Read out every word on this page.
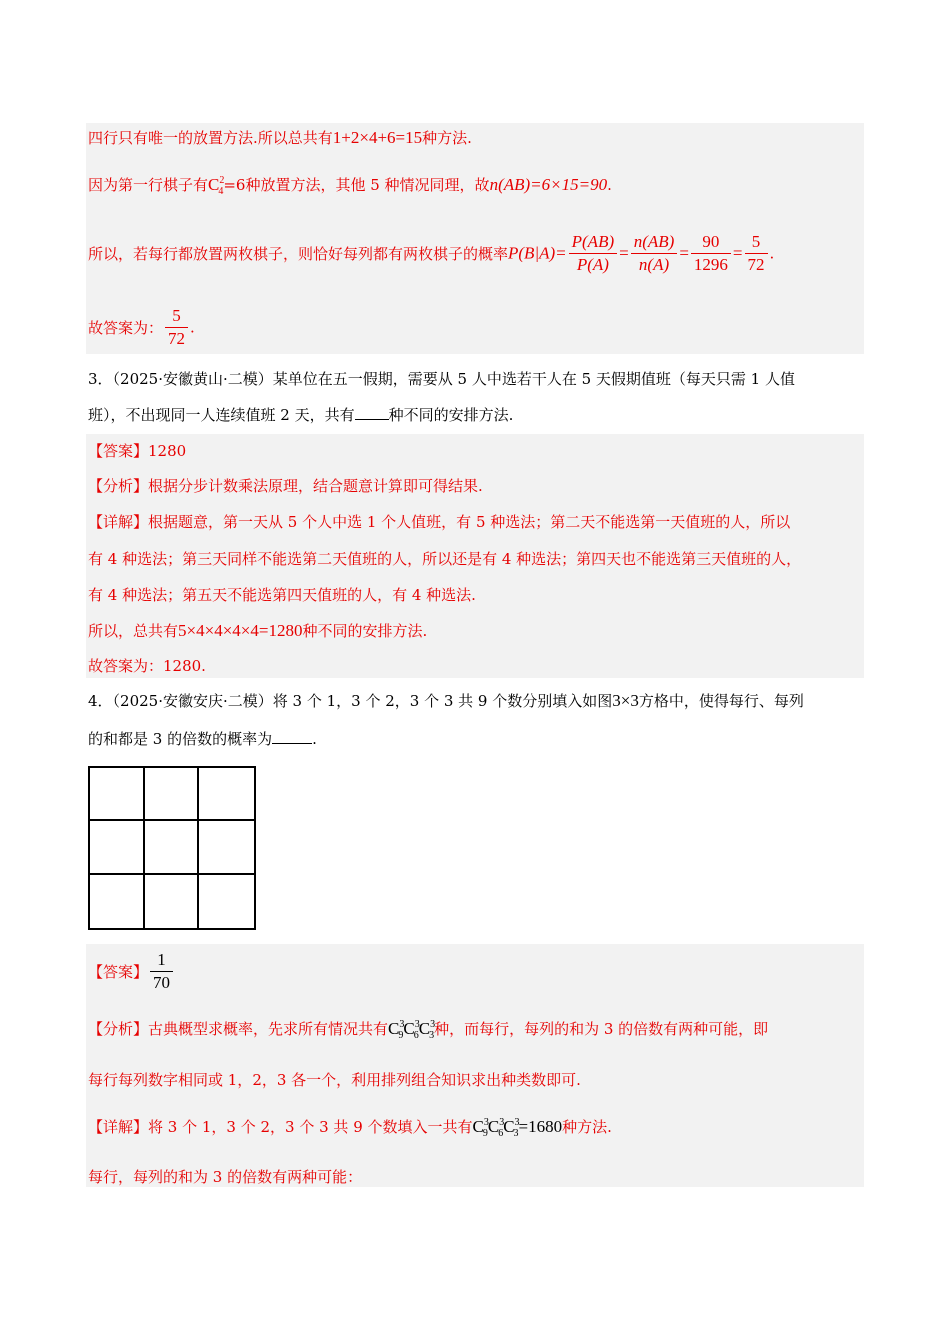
四行只有唯一的放置方法.所以总共有1+2×4+6=15种方法.
因为第一行棋子有$C^2_4=6$种放置方法，其他 5 种情况同理，故n(AB)=6×15=90.
所以，若每行都放置两枚棋子，则恰好每列都有两枚棋子的概率$P(B|A)= \frac{P(AB)}{P(A)} = \frac{n(AB)}{n(A)} = \frac{90}{1296} = \frac{5}{72}$ .
故答案为： $\frac{5}{72}$ .
3．（2025·安徽黄山·二模）某单位在五一假期，需要从 5 人中选若干人在 5 天假期值班（每天只需 1 人值
班），不出现同一人连续值班 2 天，共有 种不同的安排方法.
【答案】1280
【分析】根据分步计数乘法原理，结合题意计算即可得结果.
【详解】根据题意，第一天从 5 个人中选 1 个人值班，有 5 种选法；第二天不能选第一天值班的人，所以
有 4 种选法；第三天同样不能选第二天值班的人，所以还是有 4 种选法；第四天也不能选第三天值班的人，
有 4 种选法；第五天不能选第四天值班的人，有 4 种选法.
所以，总共有5×4×4×4×4=1280种不同的安排方法.
故答案为：1280.
4．（2025·安徽安庆·二模）将 3 个 1，3 个 2，3 个 3 共 9 个数分别填入如图3×3方格中，使得每行、每列
的和都是 3 的倍数的概率为	.
【答案】 $\frac{1}{70}$
【分析】古典概型求概率，先求所有情况共有$C^3_9C^3_6C^3_3$种，而每行，每列的和为 3 的倍数有两种可能，即
每行每列数字相同或 1，2，3 各一个，利用排列组合知识求出种类数即可.
【详解】将 3 个 1，3 个 2，3 个 3 共 9 个数填入一共有$C^3_9C^3_6C^3_3=1680$种方法.
每行，每列的和为 3 的倍数有两种可能：
